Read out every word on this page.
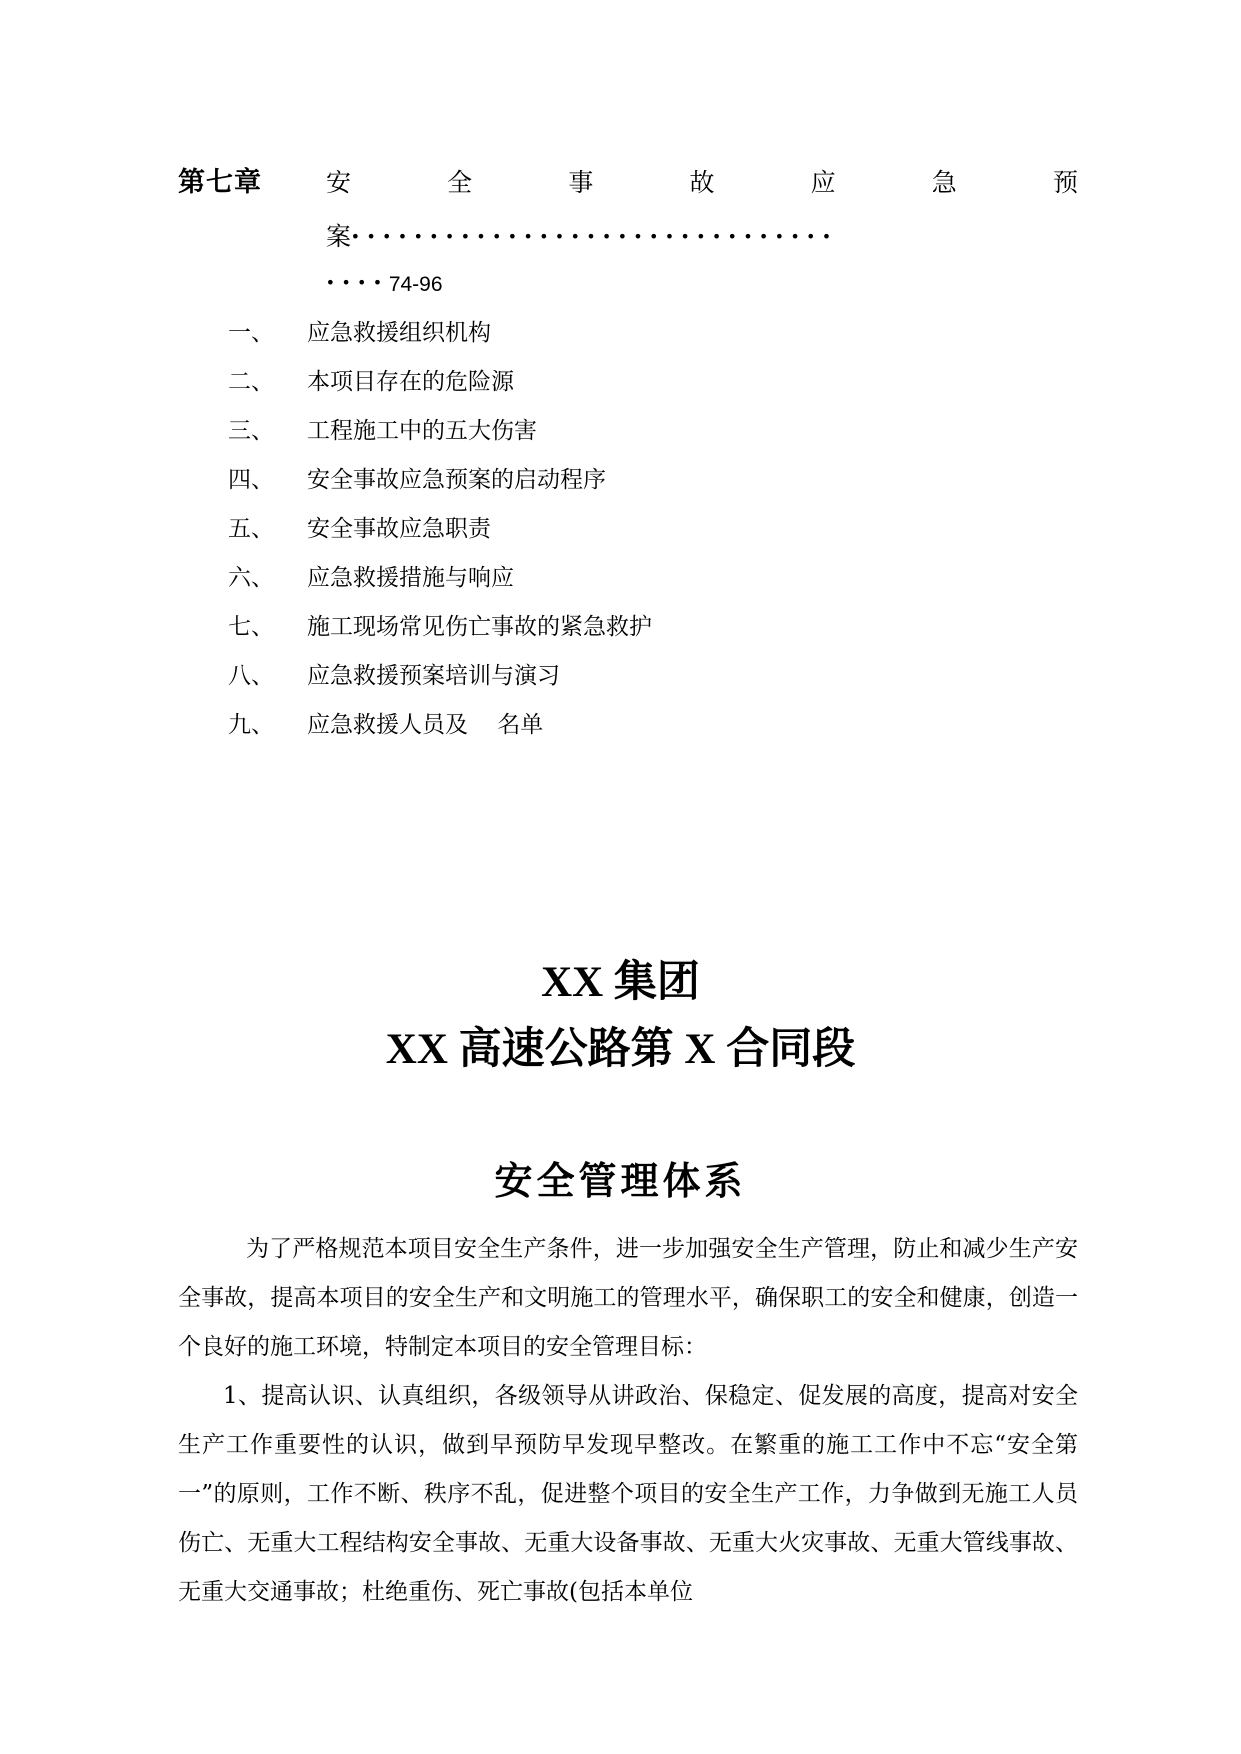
第七章	安	全	事	故	应	急	预
案·······························
····74-96
一、	应急救援组织机构
二、	本项目存在的危险源
三、	工程施工中的五大伤害
四、	安全事故应急预案的启动程序
五、	安全事故应急职责
六、	应急救援措施与响应
七、	施工现场常见伤亡事故的紧急救护
八、	应急救援预案培训与演习
九、	应急救援人员及    名单
XX 集团
XX 高速公路第 X 合同段
安全管理体系

为了严格规范本项目安全生产条件，进一步加强安全生产管理，防止和减少生产安全事故，提高本项目的安全生产和文明施工的管理水平，确保职工的安全和健康，创造一个良好的施工环境，特制定本项目的安全管理目标：

1、提高认识、认真组织，各级领导从讲政治、保稳定、促发展的高度，提高对安全生产工作重要性的认识，做到早预防早发现早整改。在繁重的施工工作中不忘“安全第一”的原则，工作不断、秩序不乱，促进整个项目的安全生产工作，力争做到无施工人员伤亡、无重大工程结构安全事故、无重大设备事故、无重大火灾事故、无重大管线事故、无重大交通事故；杜绝重伤、死亡事故(包括本单位
